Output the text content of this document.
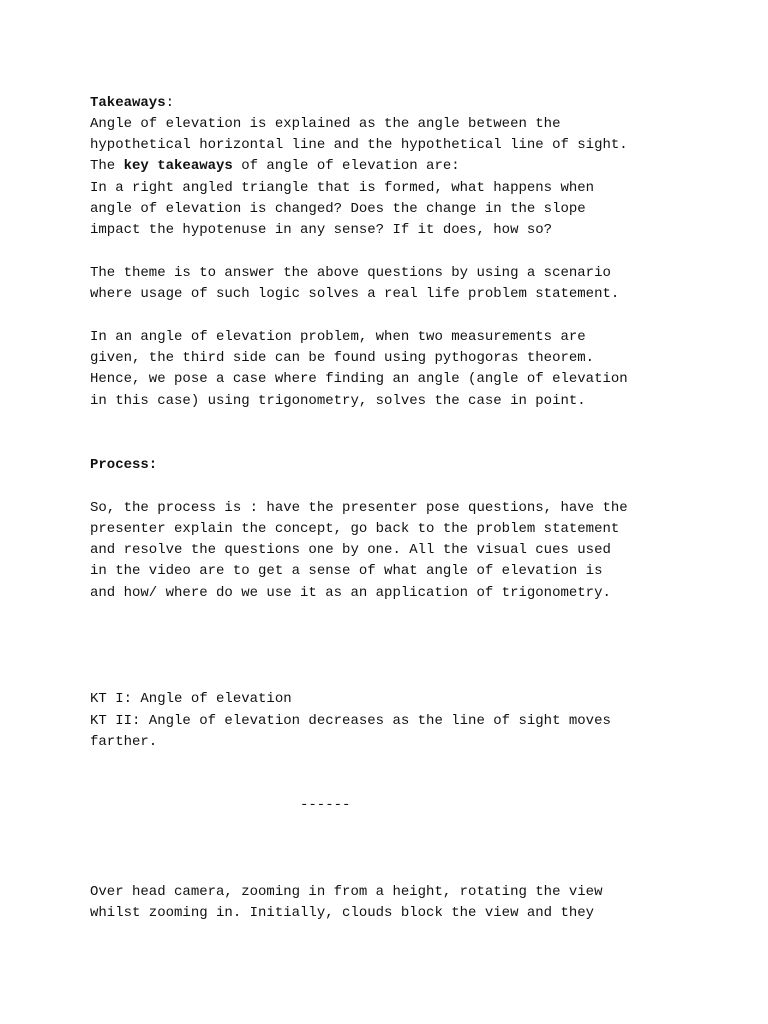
Takeaways:
Angle of elevation is explained as the angle between the
hypothetical horizontal line and the hypothetical line of sight.
The key takeaways of angle of elevation are:
In a right angled triangle that is formed, what happens when
angle of elevation is changed? Does the change in the slope
impact the hypotenuse in any sense? If it does, how so?
The theme is to answer the above questions by using a scenario
where usage of such logic solves a real life problem statement.
In an angle of elevation problem, when two measurements are
given, the third side can be found using pythogoras theorem.
Hence, we pose a case where finding an angle (angle of elevation
in this case) using trigonometry, solves the case in point.
Process:
So, the process is : have the presenter pose questions, have the
presenter explain the concept, go back to the problem statement
and resolve the questions one by one. All the visual cues used
in the video are to get a sense of what angle of elevation is
and how/ where do we use it as an application of trigonometry.
KT I: Angle of elevation
KT II: Angle of elevation decreases as the line of sight moves
farther.
------
Over head camera, zooming in from a height, rotating the view
whilst zooming in. Initially, clouds block the view and they
